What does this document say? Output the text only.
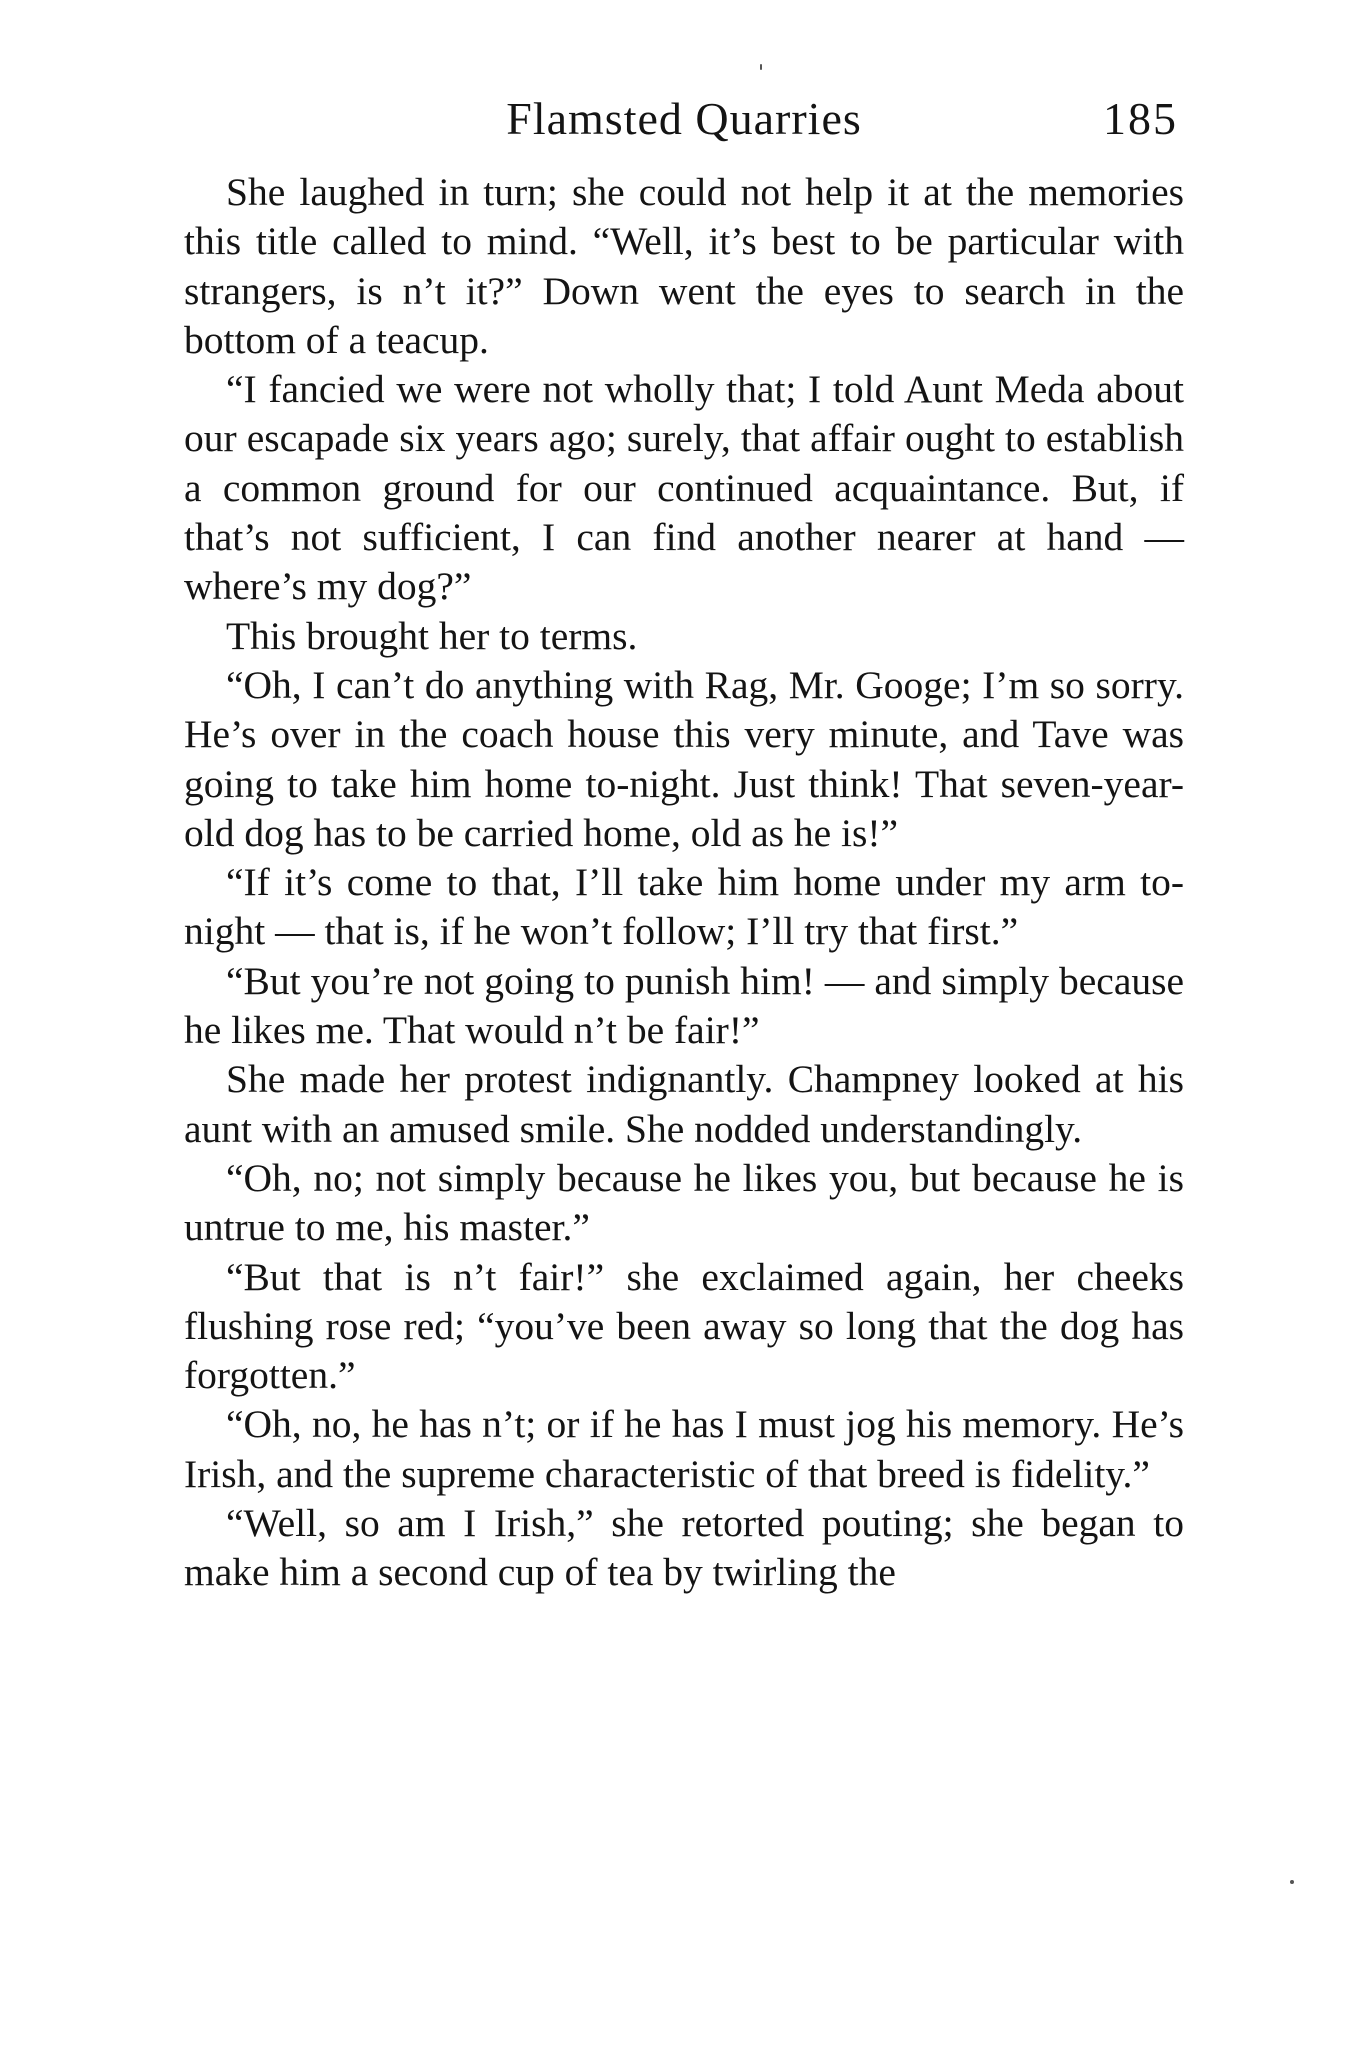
Flamsted Quarries	185

She laughed in turn; she could not help it at the memories this title called to mind. “Well, it’s best to be particular with strangers, is n’t it?” Down went the eyes to search in the bottom of a teacup.

“I fancied we were not wholly that; I told Aunt Meda about our escapade six years ago; surely, that affair ought to establish a common ground for our continued acquaintance. But, if that’s not sufficient, I can find another nearer at hand — where’s my dog?”

This brought her to terms.

“Oh, I can’t do anything with Rag, Mr. Googe; I’m so sorry. He’s over in the coach house this very minute, and Tave was going to take him home to-night. Just think! That seven-year-old dog has to be carried home, old as he is!”

“If it’s come to that, I’ll take him home under my arm to-night — that is, if he won’t follow; I’ll try that first.”

“But you’re not going to punish him! — and simply because he likes me. That would n’t be fair!”

She made her protest indignantly. Champney looked at his aunt with an amused smile. She nodded understandingly.

“Oh, no; not simply because he likes you, but because he is untrue to me, his master.”

“But that is n’t fair!” she exclaimed again, her cheeks flushing rose red; “you’ve been away so long that the dog has forgotten.”

“Oh, no, he has n’t; or if he has I must jog his memory. He’s Irish, and the supreme characteristic of that breed is fidelity.”

“Well, so am I Irish,” she retorted pouting; she began to make him a second cup of tea by twirling the
